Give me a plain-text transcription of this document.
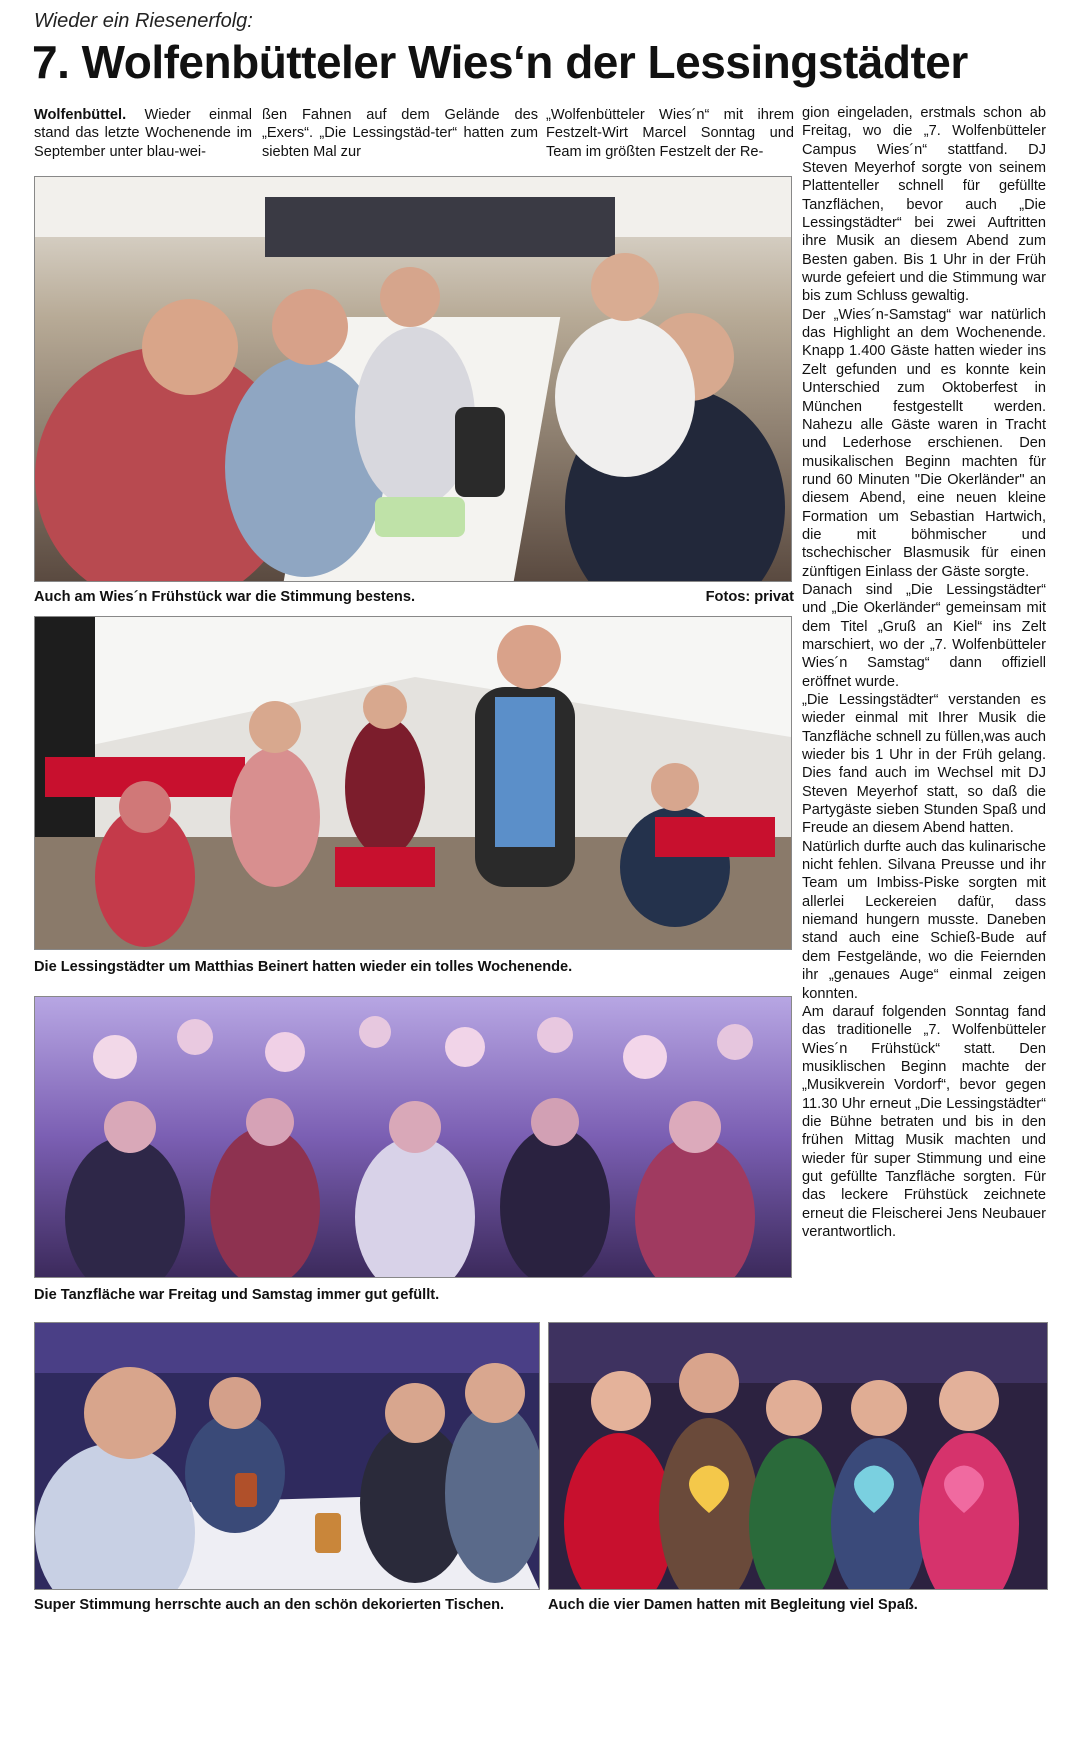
Wieder ein Riesenerfolg:
7. Wolfenbütteler Wies‘n der Lessingstädter
Wolfenbüttel. Wieder einmal stand das letzte Wochenende im September unter blau-wei-
ßen Fahnen auf dem Gelände des „Exers“. „Die Lessingstäd-ter“ hatten zum siebten Mal zur
„Wolfenbütteler Wies´n“ mit ihrem Festzelt-Wirt Marcel Sonntag und Team im größten Festzelt der Re-
Auch am Wies´n Frühstück war die Stimmung bestens.	Fotos: privat
Die Lessingstädter um Matthias Beinert hatten wieder ein tolles Wochenende.
Die Tanzfläche war Freitag und Samstag immer gut gefüllt.
Super Stimmung herrschte auch an den schön dekorierten Tischen.	Auch die vier Damen hatten mit Begleitung viel Spaß.

gion eingeladen, erstmals schon ab Freitag, wo die „7. Wolfenbütteler Campus Wies´n“ stattfand. DJ Steven Meyerhof sorgte von seinem Plattenteller schnell für gefüllte Tanzflächen, bevor auch „Die Lessingstädter“ bei zwei Auftritten ihre Musik an diesem Abend zum Besten gaben. Bis 1 Uhr in der Früh wurde gefeiert und die Stimmung war bis zum Schluss gewaltig.

Der „Wies´n-Samstag“ war natürlich das Highlight an dem Wochenende. Knapp 1.400 Gäste hatten wieder ins Zelt gefunden und es konnte kein Unterschied zum Oktoberfest in München festgestellt werden. Nahezu alle Gäste waren in Tracht und Lederhose erschienen. Den musikalischen Beginn machten für rund 60 Minuten "Die Okerländer" an diesem Abend, eine neuen kleine Formation um Sebastian Hartwich, die mit böhmischer und tschechischer Blasmusik für einen zünftigen Einlass der Gäste sorgte.

Danach sind „Die Lessingstädter“ und „Die Okerländer“ gemeinsam mit dem Titel „Gruß an Kiel“ ins Zelt marschiert, wo der „7. Wolfenbütteler Wies´n Samstag“ dann offiziell eröffnet wurde.

„Die Lessingstädter“ verstanden es wieder einmal mit Ihrer Musik die Tanzfläche schnell zu füllen,was auch wieder bis 1 Uhr in der Früh gelang. Dies fand auch im Wechsel mit DJ Steven Meyerhof statt, so daß die Partygäste sieben Stunden Spaß und Freude an diesem Abend hatten.

Natürlich durfte auch das kulinarische nicht fehlen. Silvana Preusse und ihr Team um Imbiss-Piske sorgten mit allerlei Leckereien dafür, dass niemand hungern musste. Daneben stand auch eine Schieß-Bude auf dem Festgelände, wo die Feiernden ihr „genaues Auge“ einmal zeigen konnten.

Am darauf folgenden Sonntag fand das traditionelle „7. Wolfenbütteler Wies´n Frühstück“ statt. Den musiklischen Beginn machte der „Musikverein Vordorf“, bevor gegen 11.30 Uhr erneut „Die Lessingstädter“ die Bühne betraten und bis in den frühen Mittag Musik machten und wieder für super Stimmung und eine gut gefüllte Tanzfläche sorgten. Für das leckere Frühstück zeichnete erneut die Fleischerei Jens Neubauer verantwortlich.
